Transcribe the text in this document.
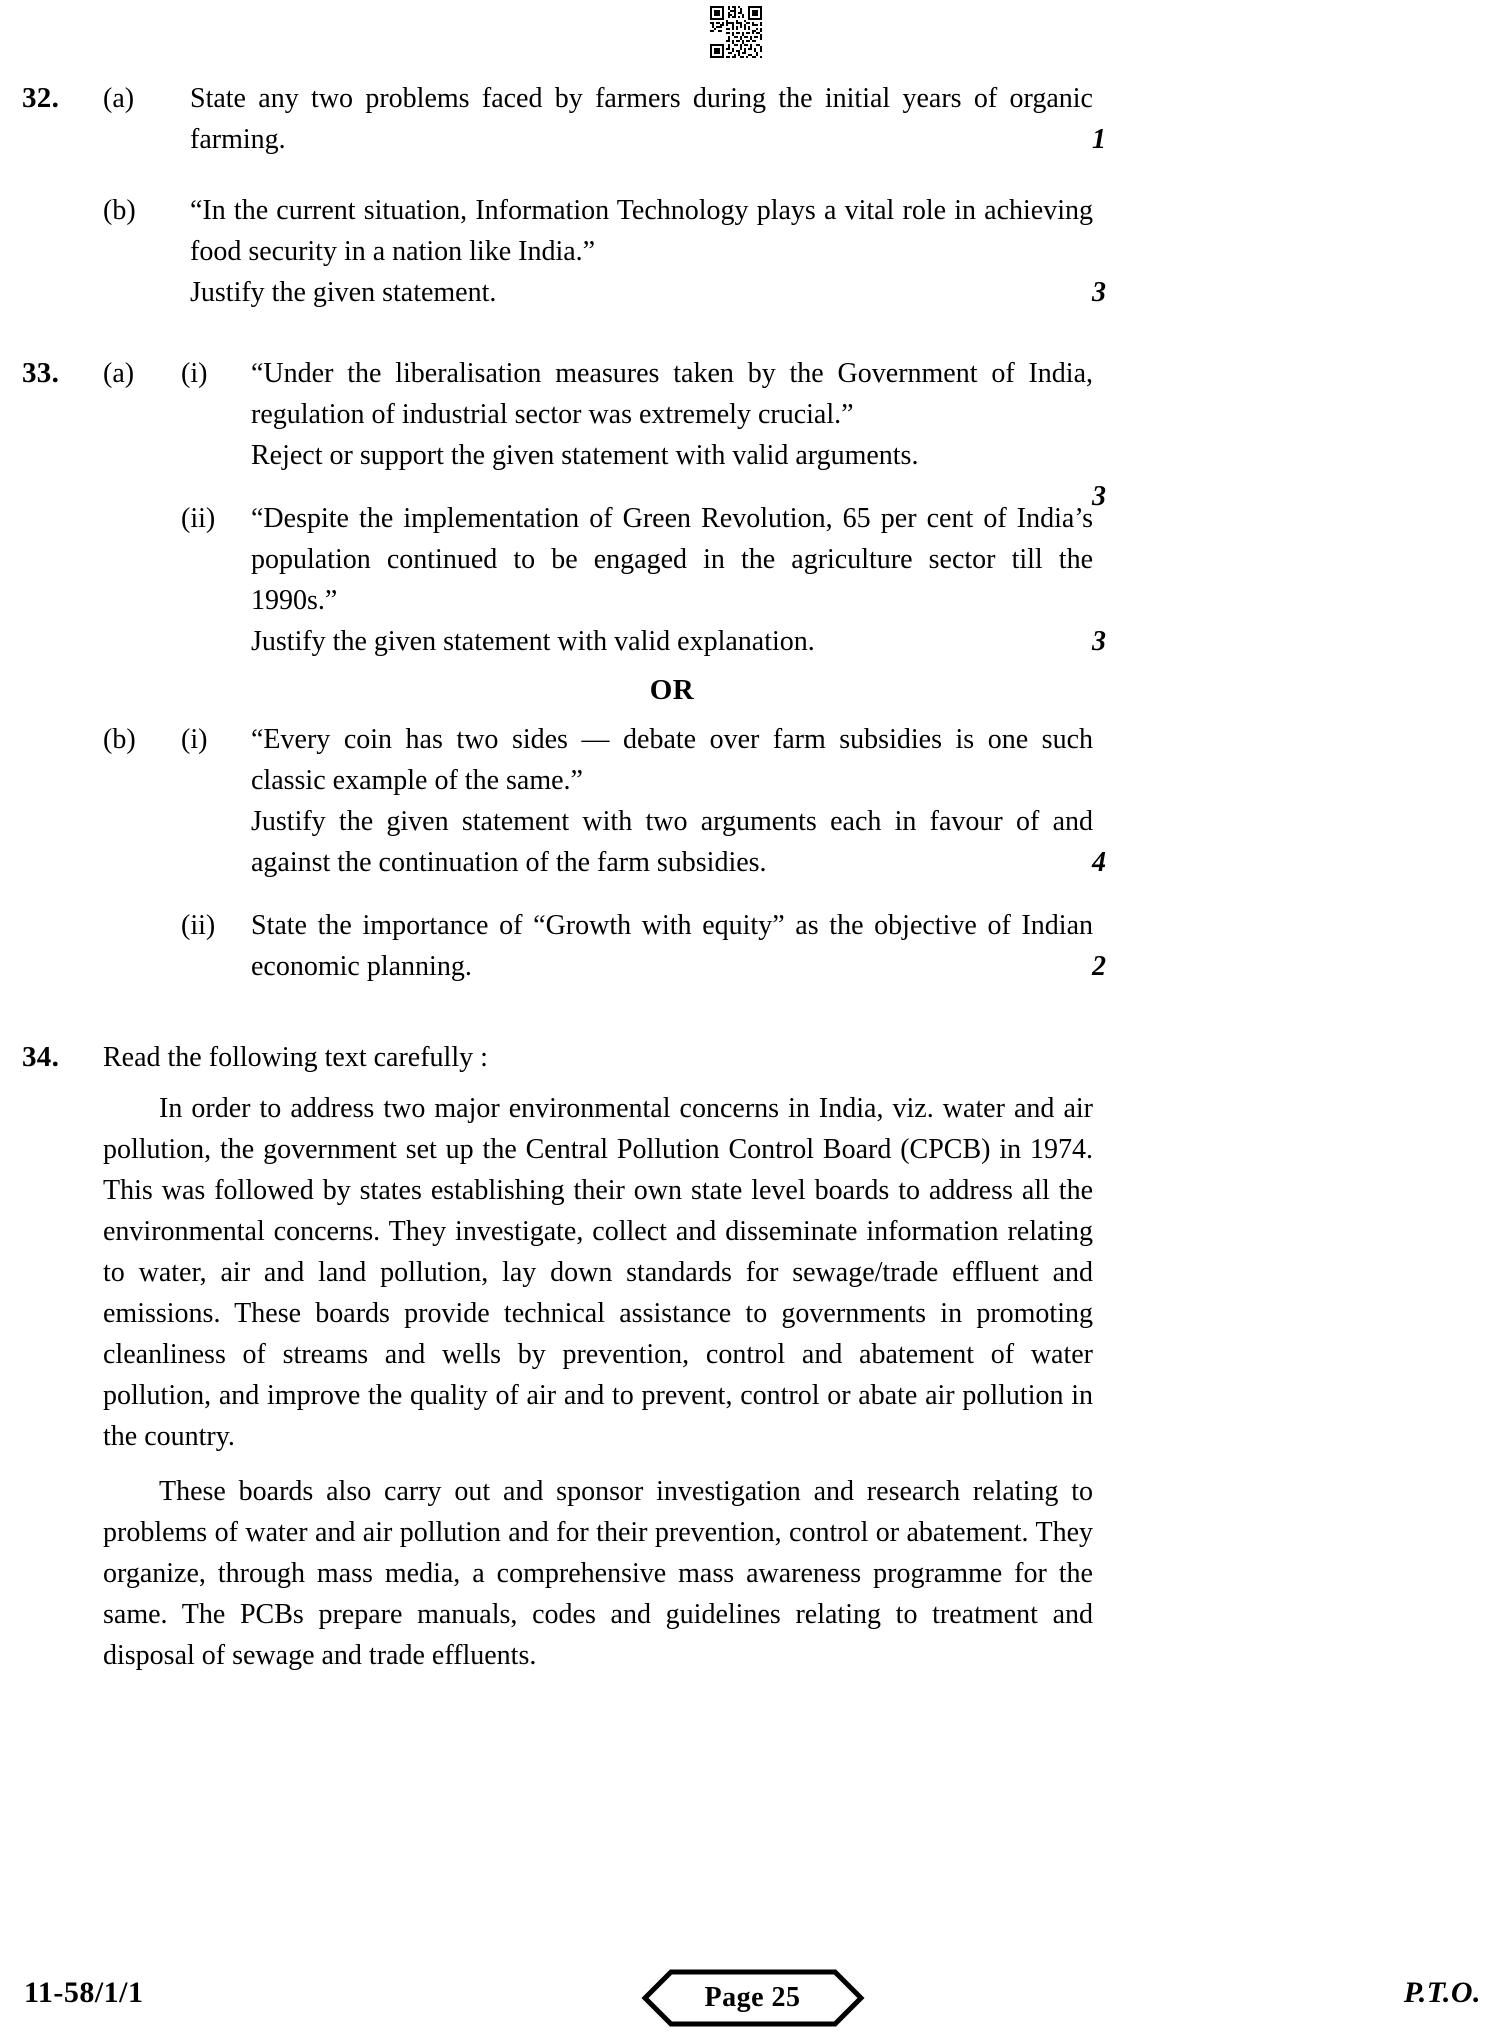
32.	(a)	State any two problems faced by farmers during the initial years of organic farming.	1
(b)	“In the current situation, Information Technology plays a vital role in achieving food security in a nation like India.”
Justify the given statement.	3
33.	(a)	(i)	“Under the liberalisation measures taken by the Government of India, regulation of industrial sector was extremely crucial.”
Reject or support the given statement with valid arguments.
3
(ii)	“Despite the implementation of Green Revolution, 65 per cent of India’s population continued to be engaged in the agriculture sector till the 1990s.”
Justify the given statement with valid explanation.	3
OR
(b)	(i)	“Every coin has two sides — debate over farm subsidies is one such classic example of the same.”
Justify the given statement with two arguments each in favour of and against the continuation of the farm subsidies.	4
(ii)	State the importance of “Growth with equity” as the objective of Indian economic planning.	2
34.	Read the following text carefully :
In order to address two major environmental concerns in India, viz. water and air pollution, the government set up the Central Pollution Control Board (CPCB) in 1974. This was followed by states establishing their own state level boards to address all the environmental concerns. They investigate, collect and disseminate information relating to water, air and land pollution, lay down standards for sewage/trade effluent and emissions. These boards provide technical assistance to governments in promoting cleanliness of streams and wells by prevention, control and abatement of water pollution, and improve the quality of air and to prevent, control or abate air pollution in the country.
These boards also carry out and sponsor investigation and research relating to problems of water and air pollution and for their prevention, control or abatement. They organize, through mass media, a comprehensive mass awareness programme for the same. The PCBs prepare manuals, codes and guidelines relating to treatment and disposal of sewage and trade effluents.
11-58/1/1	Page 25	P.T.O.
